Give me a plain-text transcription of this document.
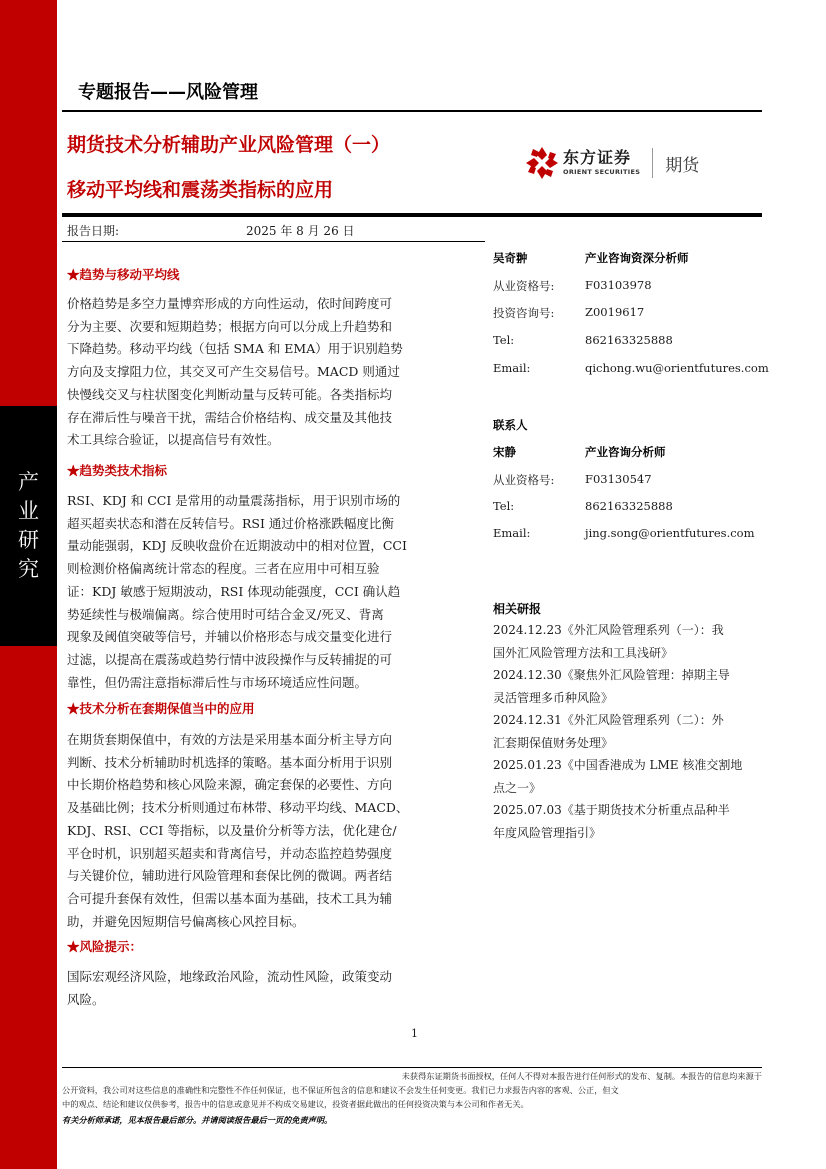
产
业
研
究
专题报告——风险管理
期货技术分析辅助产业风险管理（一）
移动平均线和震荡类指标的应用
东方证券
ORIENT SECURITIES 期货
报告日期:	2025 年 8 月 26 日
★趋势与移动平均线
价格趋势是多空力量博弈形成的方向性运动，依时间跨度可
分为主要、次要和短期趋势；根据方向可以分成上升趋势和
下降趋势。移动平均线（包括 SMA 和 EMA）用于识别趋势
方向及支撑阻力位，其交叉可产生交易信号。MACD 则通过
快慢线交叉与柱状图变化判断动量与反转可能。各类指标均
存在滞后性与噪音干扰，需结合价格结构、成交量及其他技
术工具综合验证，以提高信号有效性。
★趋势类技术指标
RSI、KDJ 和 CCI 是常用的动量震荡指标，用于识别市场的
超买超卖状态和潜在反转信号。RSI 通过价格涨跌幅度比衡
量动能强弱，KDJ 反映收盘价在近期波动中的相对位置，CCI
则检测价格偏离统计常态的程度。三者在应用中可相互验
证：KDJ 敏感于短期波动，RSI 体现动能强度，CCI 确认趋
势延续性与极端偏离。综合使用时可结合金叉/死叉、背离
现象及阈值突破等信号，并辅以价格形态与成交量变化进行
过滤，以提高在震荡或趋势行情中波段操作与反转捕捉的可
靠性，但仍需注意指标滞后性与市场环境适应性问题。
★技术分析在套期保值当中的应用
在期货套期保值中，有效的方法是采用基本面分析主导方向
判断、技术分析辅助时机选择的策略。基本面分析用于识别
中长期价格趋势和核心风险来源，确定套保的必要性、方向
及基础比例；技术分析则通过布林带、移动平均线、MACD、
KDJ、RSI、CCI 等指标，以及量价分析等方法，优化建仓/
平仓时机，识别超买超卖和背离信号，并动态监控趋势强度
与关键价位，辅助进行风险管理和套保比例的微调。两者结
合可提升套保有效性，但需以基本面为基础，技术工具为辅
助，并避免因短期信号偏离核心风控目标。
★风险提示：
国际宏观经济风险，地缘政治风险，流动性风险，政策变动
风险。
吴奇翀	产业咨询资深分析师
从业资格号:	F03103978
投资咨询号:	Z0019617
Tel:	862163325888
Email:	qichong.wu@orientfutures.com
联系人
宋静	产业咨询分析师
从业资格号:	F03130547
Tel:	862163325888
Email:	jing.song@orientfutures.com
相关研报
2024.12.23《外汇风险管理系列（一）：我
国外汇风险管理方法和工具浅研》
2024.12.30《聚焦外汇风险管理：掉期主导
灵活管理多币种风险》
2024.12.31《外汇风险管理系列（二）：外
汇套期保值财务处理》
2025.01.23《中国香港成为 LME 核准交割地
点之一》
2025.07.03《基于期货技术分析重点品种半
年度风险管理指引》
1
未获得东证期货书面授权，任何人不得对本报告进行任何形式的发布、复制。本报告的信息均来源于
公开资料，我公司对这些信息的准确性和完整性不作任何保证，也不保证所包含的信息和建议不会发生任何变更。我们已力求报告内容的客观、公正，但文
中的观点、结论和建议仅供参考，报告中的信息或意见并不构成交易建议，投资者据此做出的任何投资决策与本公司和作者无关。
有关分析师承诺，见本报告最后部分。并请阅读报告最后一页的免责声明。
